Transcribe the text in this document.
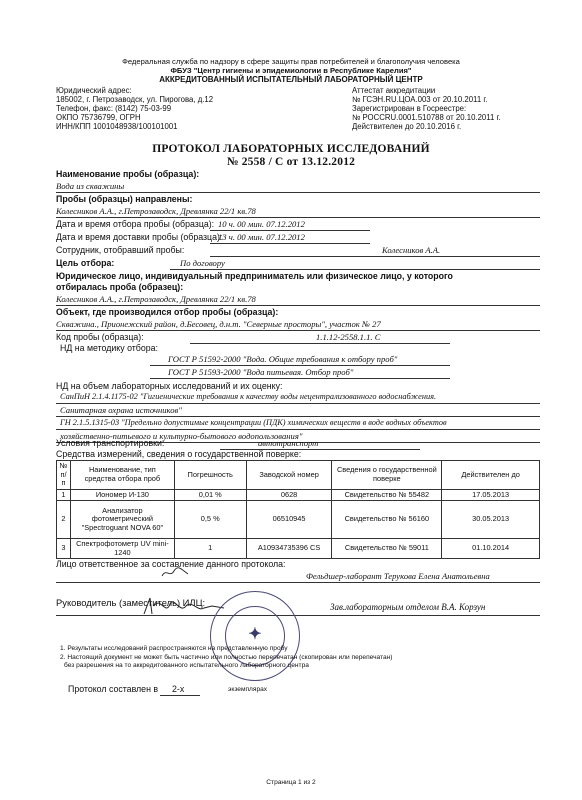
Федеральная служба по надзору в сфере защиты прав потребителей и благополучия человека
ФБУЗ "Центр гигиены и эпидемиологии в Республике Карелия"
АККРЕДИТОВАННЫЙ ИСПЫТАТЕЛЬНЫЙ ЛАБОРАТОРНЫЙ ЦЕНТР
Юридический адрес:
185002, г. Петрозаводск, ул. Пирогова, д.12
Телефон, факс: (8142) 75-03-99
ОКПО 75736799, ОГРН
ИНН/КПП 1001048938/100101001
Аттестат аккредитации
№ ГСЭН.RU.ЦОА.003 от 20.10.2011 г.
Зарегистрирован в Госреестре:
№ РОССRU.0001.510788 от 20.10.2011 г.
Действителен до 20.10.2016 г.
ПРОТОКОЛ ЛАБОРАТОРНЫХ ИССЛЕДОВАНИЙ
№ 2558 / С от 13.12.2012
Наименование пробы (образца):
Вода из скважины
Пробы (образцы) направлены:
Колесников А.А., г.Петрозаводск, Древлянка 22/1 кв.78
Дата и время отбора пробы (образца): 10 ч. 00 мин. 07.12.2012
Дата и время доставки пробы (образца):
13 ч. 00 мин. 07.12.2012
Сотрудник, отобравший пробы:	Колесников А.А.
Цель отбора:	По договору
Юридическое лицо, индивидуальный предприниматель или физическое лицо, у которого
отбиралась проба (образец):
Колесников А.А., г.Петрозаводск, Древлянка 22/1 кв.78
Объект, где производился отбор пробы (образца):
Скважина., Прионежский район, д.Бесовец, д.н.т. "Северные просторы", участок № 27
Код пробы (образца):	1.1.12-2558.1.1. С
НД на методику отбора:
ГОСТ Р 51592-2000 "Вода. Общие требования к отбору проб"
ГОСТ Р 51593-2000 "Вода питьевая. Отбор проб"
НД на объем лабораторных исследований и их оценку:
СанПиН 2.1.4.1175-02 "Гигиенические требования к качеству воды нецентрализованного водоснабжения.
Санитарная охрана источников"
ГН 2.1.5.1315-03 "Предельно допустимые концентрации (ПДК) химических веществ в воде водных объектов
хозяйственно-питьевого и культурно-бытового водопользования"
Условия транспортировки:	автотранспорт
Средства измерений, сведения о государственной поверке:
№ п/п	Наименование, тип средства отбора проб	Погрешность	Заводской номер	Сведения о государственной поверке	Действителен до
1	Иономер И-130	0,01 %	0628	Свидетельство № 55482	17.05.2013
2	Анализатор фотометрический "Spectroguant NOVA 60"	0,5 %	06510945	Свидетельство № 56160	30.05.2013
3	Спектрофотометр UV mini-1240	1	A10934735396 CS	Свидетельство № 59011	01.10.2014
Лицо ответственное за составление данного протокола:
Фельдшер-лаборант Терукова Елена Анатольевна
Руководитель (заместитель) ИЛЦ:	Зав.лабораторным отделом В.А. Корзун
✦
1. Результаты исследований распространяются на представленную пробу
2. Настоящий документ не может быть частично или полностью перепечатан (скопирован или перепечатан)
без разрешения на то аккредитованного испытательного лабораторного центра
Протокол составлен в 2-х	экземплярах
Страница 1 из 2
